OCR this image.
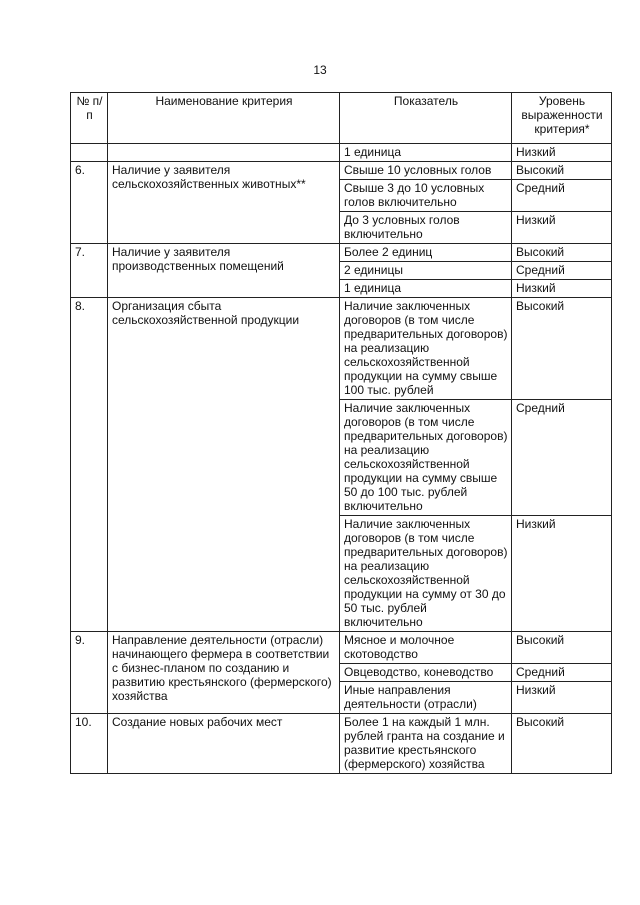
13
№ п/п	Наименование критерия	Показатель	Уровень выраженности критерия*
		1 единица	Низкий
6.	Наличие у заявителя сельскохозяйственных животных**	Свыше 10 условных голов	Высокий
		Свыше 3 до 10 условных голов включительно	Средний
		До 3 условных голов включительно	Низкий
7.	Наличие у заявителя производственных помещений	Более 2 единиц	Высокий
		2 единицы	Средний
		1 единица	Низкий
8.	Организация сбыта сельскохозяйственной продукции	Наличие заключенных договоров (в том числе предварительных договоров) на реализацию сельскохозяйственной продукции на сумму свыше 100 тыс. рублей	Высокий
		Наличие заключенных договоров (в том числе предварительных договоров) на реализацию сельскохозяйственной продукции на сумму свыше 50 до 100 тыс. рублей включительно	Средний
		Наличие заключенных договоров (в том числе предварительных договоров) на реализацию сельскохозяйственной продукции на сумму от 30 до 50 тыс. рублей включительно	Низкий
9.	Направление деятельности (отрасли) начинающего фермера в соответствии с бизнес-планом по созданию и развитию крестьянского (фермерского) хозяйства	Мясное и молочное скотоводство	Высокий
		Овцеводство, коневодство	Средний
		Иные направления деятельности (отрасли)	Низкий
10.	Создание новых рабочих мест	Более 1 на каждый 1 млн. рублей гранта на создание и развитие крестьянского (фермерского) хозяйства	Высокий
